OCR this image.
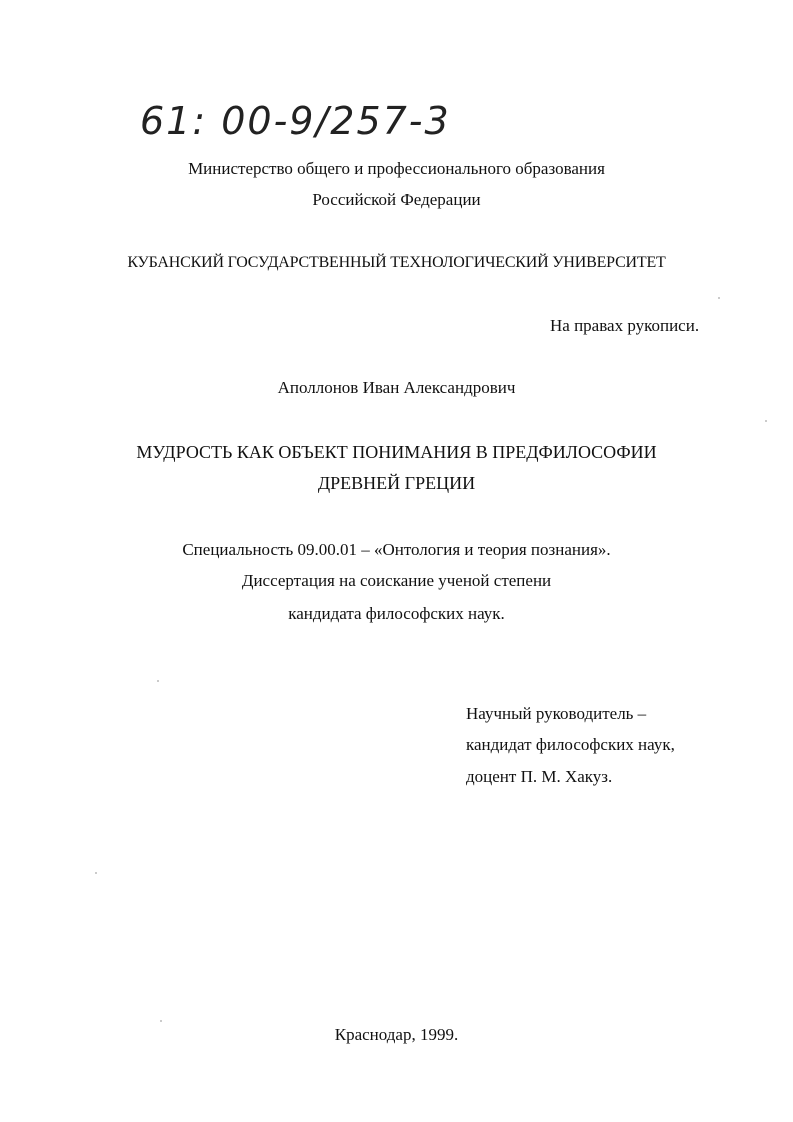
61: 00-9/257-3
Министерство общего и профессионального образования
Российской Федерации
КУБАНСКИЙ ГОСУДАРСТВЕННЫЙ ТЕХНОЛОГИЧЕСКИЙ УНИВЕРСИТЕТ
На правах рукописи.
Аполлонов Иван Александрович
МУДРОСТЬ КАК ОБЪЕКТ ПОНИМАНИЯ В ПРЕДФИЛОСОФИИ
ДРЕВНЕЙ ГРЕЦИИ
Специальность 09.00.01 – «Онтология и теория познания».
Диссертация на соискание ученой степени
кандидата философских наук.
Научный руководитель –
кандидат философских наук,
доцент П. М. Хакуз.
Краснодар, 1999.
